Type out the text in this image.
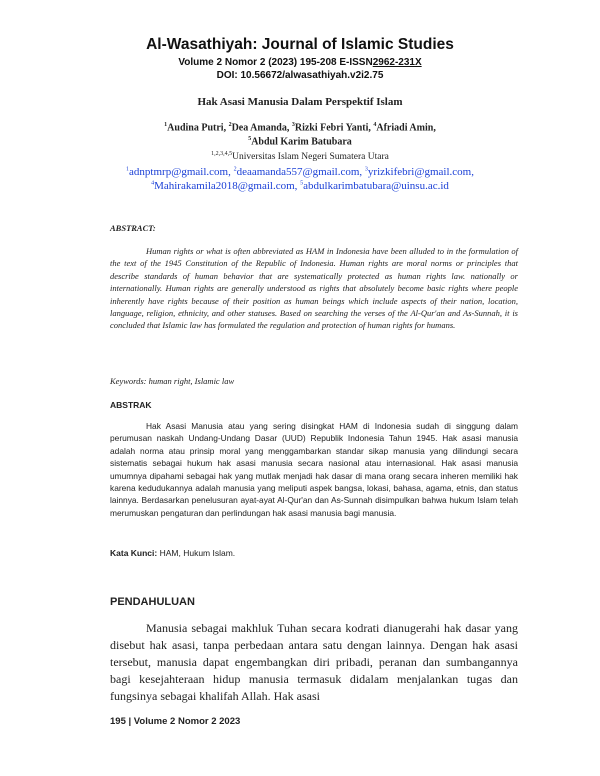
Al-Wasathiyah: Journal of Islamic Studies
Volume 2 Nomor 2 (2023) 195-208 E-ISSN2962-231X
DOI: 10.56672/alwasathiyah.v2i2.75
Hak Asasi Manusia Dalam Perspektif Islam
$^1$Audina Putri, $^2$Dea Amanda, $^3$Rizki Febri Yanti, $^4$Afriadi Amin,
$^5$Abdul Karim Batubara
$^{1,2,3,4,5}$Universitas Islam Negeri Sumatera Utara
$^1$adnptmrp@gmail.com, $^2$deaamanda557@gmail.com, $^3$yrizkifebri@gmail.com,
$^4$Mahirakamila2018@gmail.com, $^5$abdulkarimbatubara@uinsu.ac.id
ABSTRACT:
Human rights or what is often abbreviated as HAM in Indonesia have been alluded to in the formulation of the text of the 1945 Constitution of the Republic of Indonesia. Human rights are moral norms or principles that describe standards of human behavior that are systematically protected as human rights law. nationally or internationally. Human rights are generally understood as rights that absolutely become basic rights where people inherently have rights because of their position as human beings which include aspects of their nation, location, language, religion, ethnicity, and other statuses. Based on searching the verses of the Al-Qur'an and As-Sunnah, it is concluded that Islamic law has formulated the regulation and protection of human rights for humans.
Keywords: human right, Islamic law
ABSTRAK
Hak Asasi Manusia atau yang sering disingkat HAM di Indonesia sudah di singgung dalam perumusan naskah Undang-Undang Dasar (UUD) Republik Indonesia Tahun 1945. Hak asasi manusia adalah norma atau prinsip moral yang menggambarkan standar sikap manusia yang dilindungi secara sistematis sebagai hukum hak asasi manusia secara nasional atau internasional. Hak asasi manusia umumnya dipahami sebagai hak yang mutlak menjadi hak dasar di mana orang secara inheren memiliki hak karena kedudukannya adalah manusia yang meliputi aspek bangsa, lokasi, bahasa, agama, etnis, dan status lainnya. Berdasarkan penelusuran ayat-ayat Al-Qur'an dan As-Sunnah disimpulkan bahwa hukum Islam telah merumuskan pengaturan dan perlindungan hak asasi manusia bagi manusia.
Kata Kunci: HAM, Hukum Islam.
PENDAHULUAN
Manusia sebagai makhluk Tuhan secara kodrati dianugerahi hak dasar yang disebut hak asasi, tanpa perbedaan antara satu dengan lainnya. Dengan hak asasi tersebut, manusia dapat engembangkan diri pribadi, peranan dan sumbangannya bagi kesejahteraan hidup manusia termasuk didalam menjalankan tugas dan fungsinya sebagai khalifah Allah. Hak asasi
195 | Volume 2 Nomor 2 2023
